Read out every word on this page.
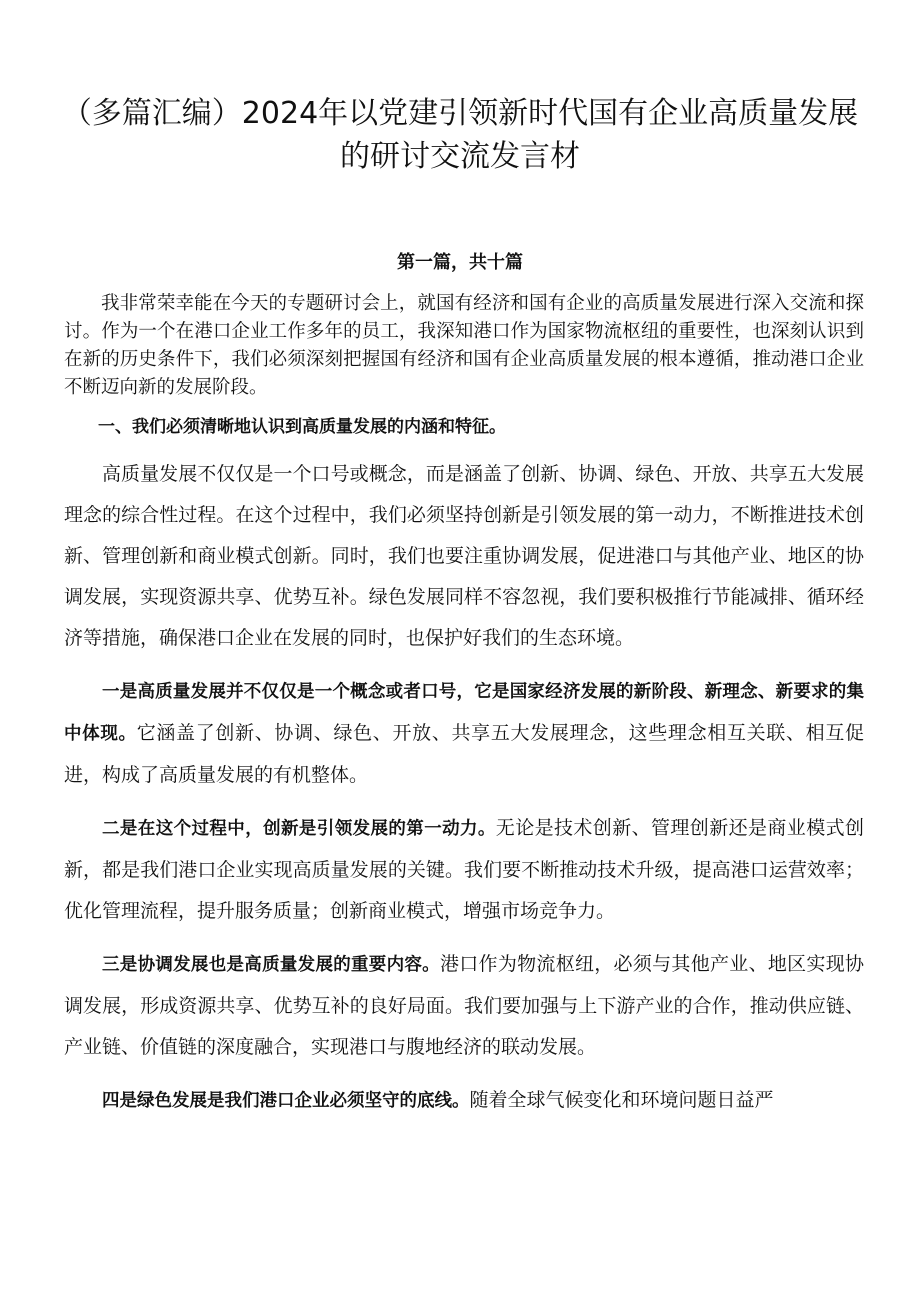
（多篇汇编）2024年以党建引领新时代国有企业高质量发展的研讨交流发言材
第一篇，共十篇

我非常荣幸能在今天的专题研讨会上，就国有经济和国有企业的高质量发展进行深入交流和探讨。作为一个在港口企业工作多年的员工，我深知港口作为国家物流枢纽的重要性，也深刻认识到在新的历史条件下，我们必须深刻把握国有经济和国有企业高质量发展的根本遵循，推动港口企业不断迈向新的发展阶段。

一、我们必须清晰地认识到高质量发展的内涵和特征。

高质量发展不仅仅是一个口号或概念，而是涵盖了创新、协调、绿色、开放、共享五大发展理念的综合性过程。在这个过程中，我们必须坚持创新是引领发展的第一动力，不断推进技术创新、管理创新和商业模式创新。同时，我们也要注重协调发展，促进港口与其他产业、地区的协调发展，实现资源共享、优势互补。绿色发展同样不容忽视，我们要积极推行节能减排、循环经济等措施，确保港口企业在发展的同时，也保护好我们的生态环境。

一是高质量发展并不仅仅是一个概念或者口号，它是国家经济发展的新阶段、新理念、新要求的集中体现。它涵盖了创新、协调、绿色、开放、共享五大发展理念，这些理念相互关联、相互促进，构成了高质量发展的有机整体。

二是在这个过程中，创新是引领发展的第一动力。无论是技术创新、管理创新还是商业模式创新，都是我们港口企业实现高质量发展的关键。我们要不断推动技术升级，提高港口运营效率；优化管理流程，提升服务质量；创新商业模式，增强市场竞争力。

三是协调发展也是高质量发展的重要内容。港口作为物流枢纽，必须与其他产业、地区实现协调发展，形成资源共享、优势互补的良好局面。我们要加强与上下游产业的合作，推动供应链、产业链、价值链的深度融合，实现港口与腹地经济的联动发展。

四是绿色发展是我们港口企业必须坚守的底线。随着全球气候变化和环境问题日益严
